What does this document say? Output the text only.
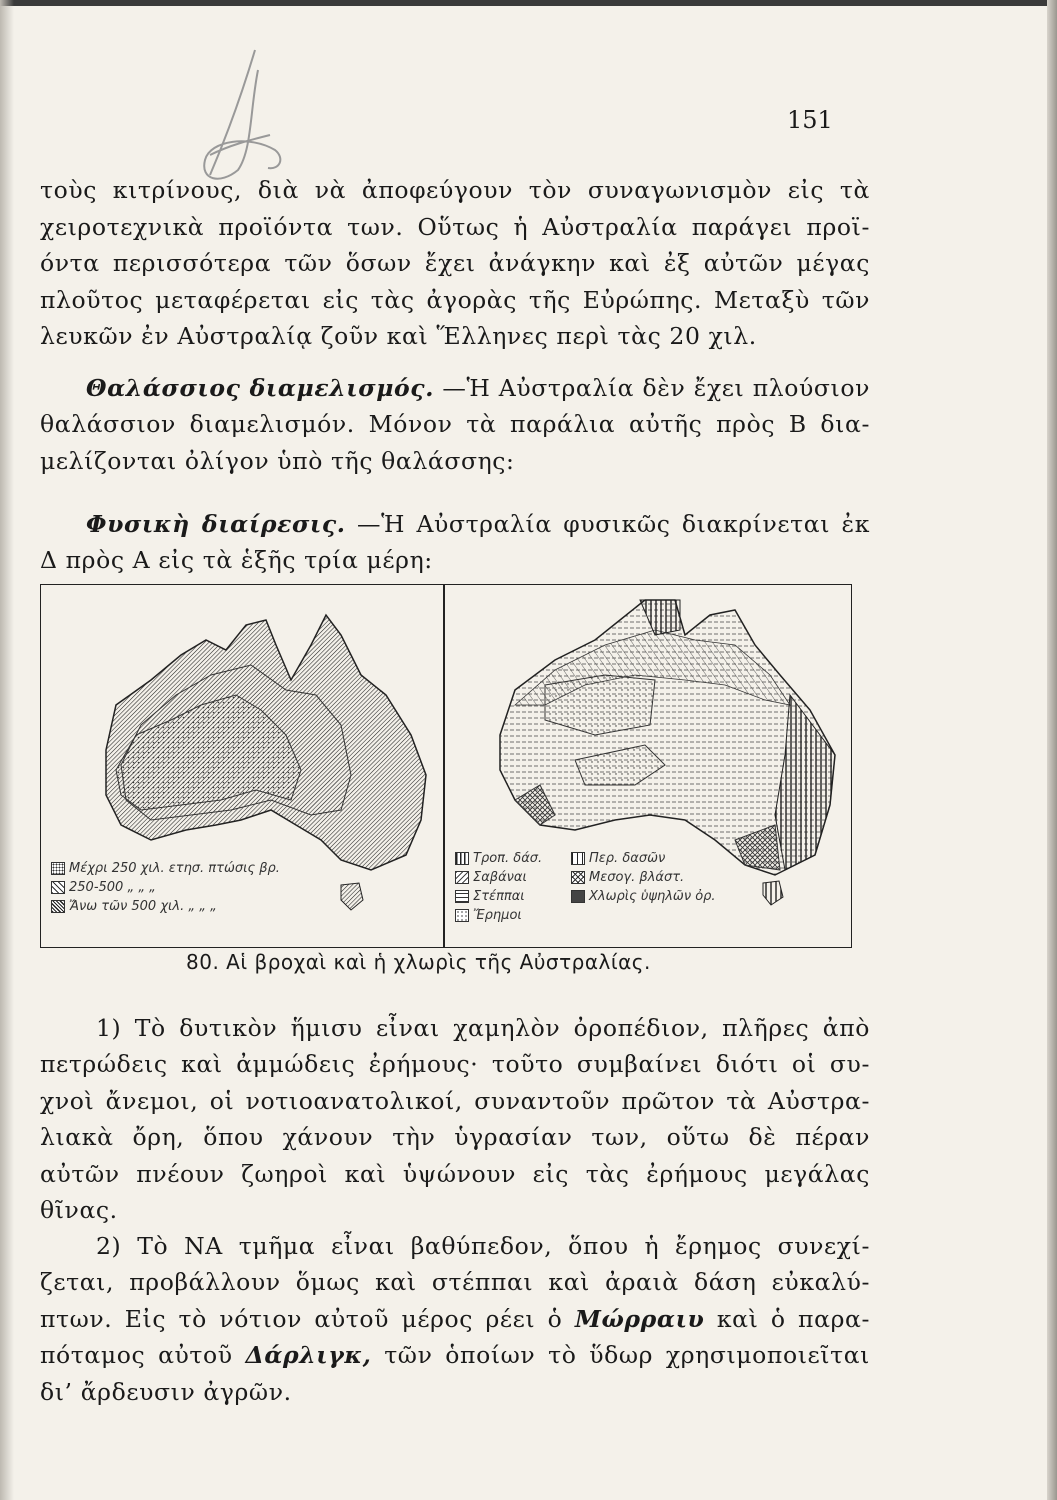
151
τοὺς κιτρίνους, διὰ νὰ ἀποφεύγουν τὸν συναγωνισμὸν εἰς τὰ
χειροτεχνικὰ προϊόντα των. Οὕτως ἡ Αὐστραλία παράγει προϊ-
όντα περισσότερα τῶν ὅσων ἔχει ἀνάγκην καὶ ἐξ αὐτῶν μέγας
πλοῦτος μεταφέρεται εἰς τὰς ἀγορὰς τῆς Εὐρώπης. Μεταξὺ τῶν
λευκῶν ἐν Αὐστραλίᾳ ζοῦν καὶ Ἕλληνες περὶ τὰς 20 χιλ.
Θαλάσσιος διαμελισμός. —Ἡ Αὐστραλία δὲν ἔχει πλούσιον
θαλάσσιον διαμελισμόν. Μόνον τὰ παράλια αὐτῆς πρὸς Β δια-
μελίζονται ὀλίγον ὑπὸ τῆς θαλάσσης:
Φυσικὴ διαίρεσις. —Ἡ Αὐστραλία φυσικῶς διακρίνεται ἐκ
Δ πρὸς Α εἰς τὰ ἑξῆς τρία μέρη:
Μέχρι 250 χιλ. ετησ. πτώσις βρ.
250-500 „ „ „
Ἄνω τῶν 500 χιλ. „ „ „
Τροπ. δάσ.
Σαβάναι
Στέππαι
Ἔρημοι
Περ. δασῶν
Μεσογ. βλάστ.
Χλωρὶς ὑψηλῶν ὀρ.
80. Αἱ βροχαὶ καὶ ἡ χλωρὶς τῆς Αὐστραλίας.
1) Τὸ δυτικὸν ἥμισυ εἶναι χαμηλὸν ὀροπέδιον, πλῆρες ἀπὸ
πετρώδεις καὶ ἀμμώδεις ἐρήμους· τοῦτο συμβαίνει διότι οἱ συ-
χνοὶ ἄνεμοι, οἱ νοτιοανατολικοί, συναντοῦν πρῶτον τὰ Αὐστρα-
λιακὰ ὄρη, ὅπου χάνουν τὴν ὑγρασίαν των, οὕτω δὲ πέραν
αὐτῶν πνέουν ζωηροὶ καὶ ὑψώνουν εἰς τὰς ἐρήμους μεγάλας
θῖνας.
2) Τὸ ΝΑ τμῆμα εἶναι βαθύπεδον, ὅπου ἡ ἔρημος συνεχί-
ζεται, προβάλλουν ὅμως καὶ στέππαι καὶ ἀραιὰ δάση εὐκαλύ-
πτων. Εἰς τὸ νότιον αὐτοῦ μέρος ρέει ὁ Μώρραιυ καὶ ὁ παρα-
πόταμος αὐτοῦ Δάρλιγκ, τῶν ὁποίων τὸ ὕδωρ χρησιμοποιεῖται
δι’ ἄρδευσιν ἀγρῶν.
